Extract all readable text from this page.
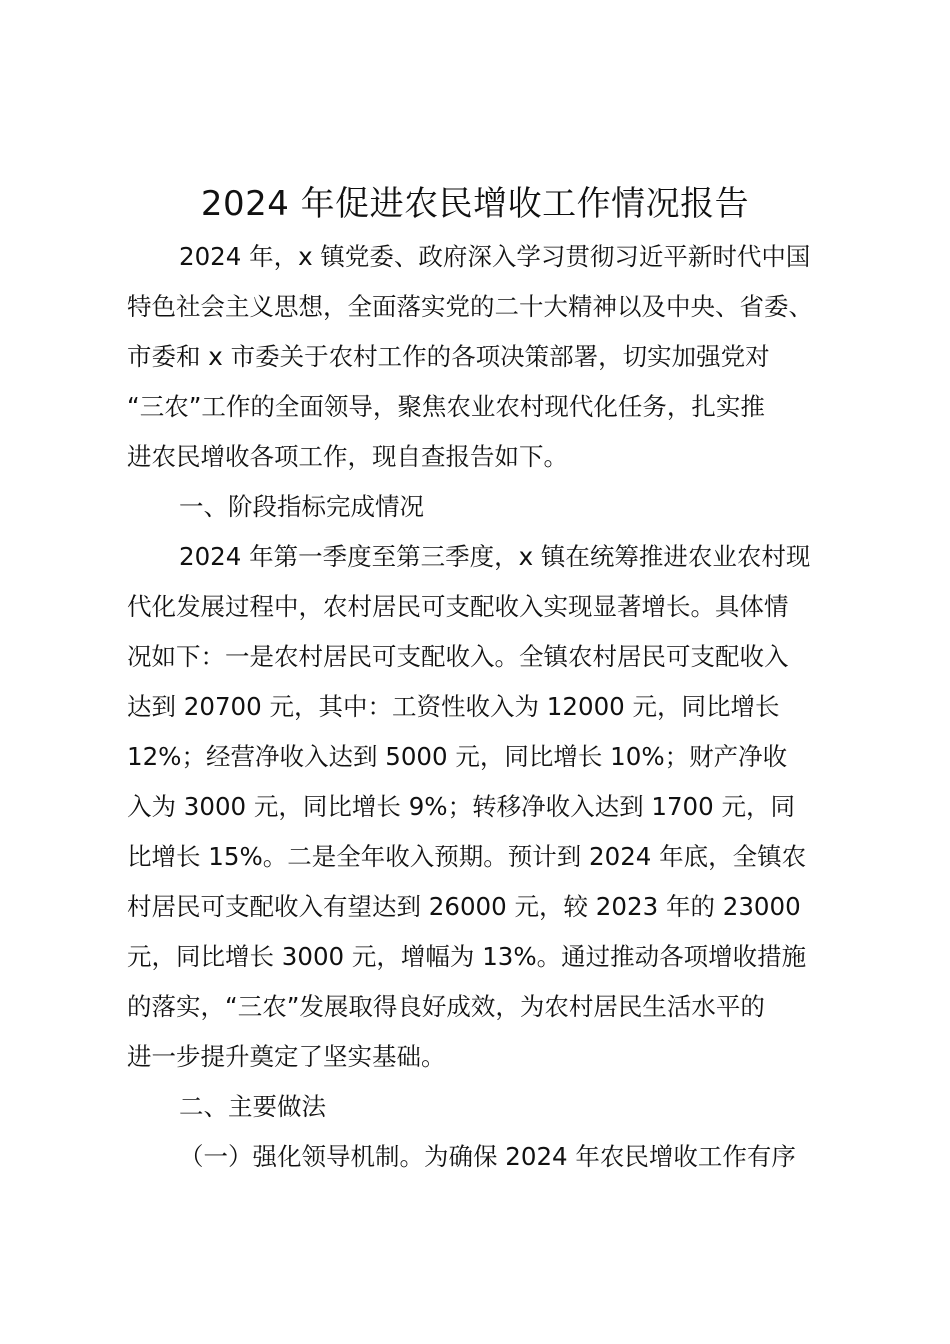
2024 年促进农民增收工作情况报告
2024 年，x 镇党委、政府深入学习贯彻习近平新时代中国
特色社会主义思想，全面落实党的二十大精神以及中央、省委、
市委和 x 市委关于农村工作的各项决策部署，切实加强党对
“三农”工作的全面领导，聚焦农业农村现代化任务，扎实推
进农民增收各项工作，现自查报告如下。
一、阶段指标完成情况
2024 年第一季度至第三季度，x 镇在统筹推进农业农村现
代化发展过程中，农村居民可支配收入实现显著增长。具体情
况如下：一是农村居民可支配收入。全镇农村居民可支配收入
达到 20700 元，其中：工资性收入为 12000 元，同比增长
12%；经营净收入达到 5000 元，同比增长 10%；财产净收
入为 3000 元，同比增长 9%；转移净收入达到 1700 元，同
比增长 15%。二是全年收入预期。预计到 2024 年底，全镇农
村居民可支配收入有望达到 26000 元，较 2023 年的 23000
元，同比增长 3000 元，增幅为 13%。通过推动各项增收措施
的落实，“三农”发展取得良好成效，为农村居民生活水平的
进一步提升奠定了坚实基础。
二、主要做法
（一）强化领导机制。为确保 2024 年农民增收工作有序
